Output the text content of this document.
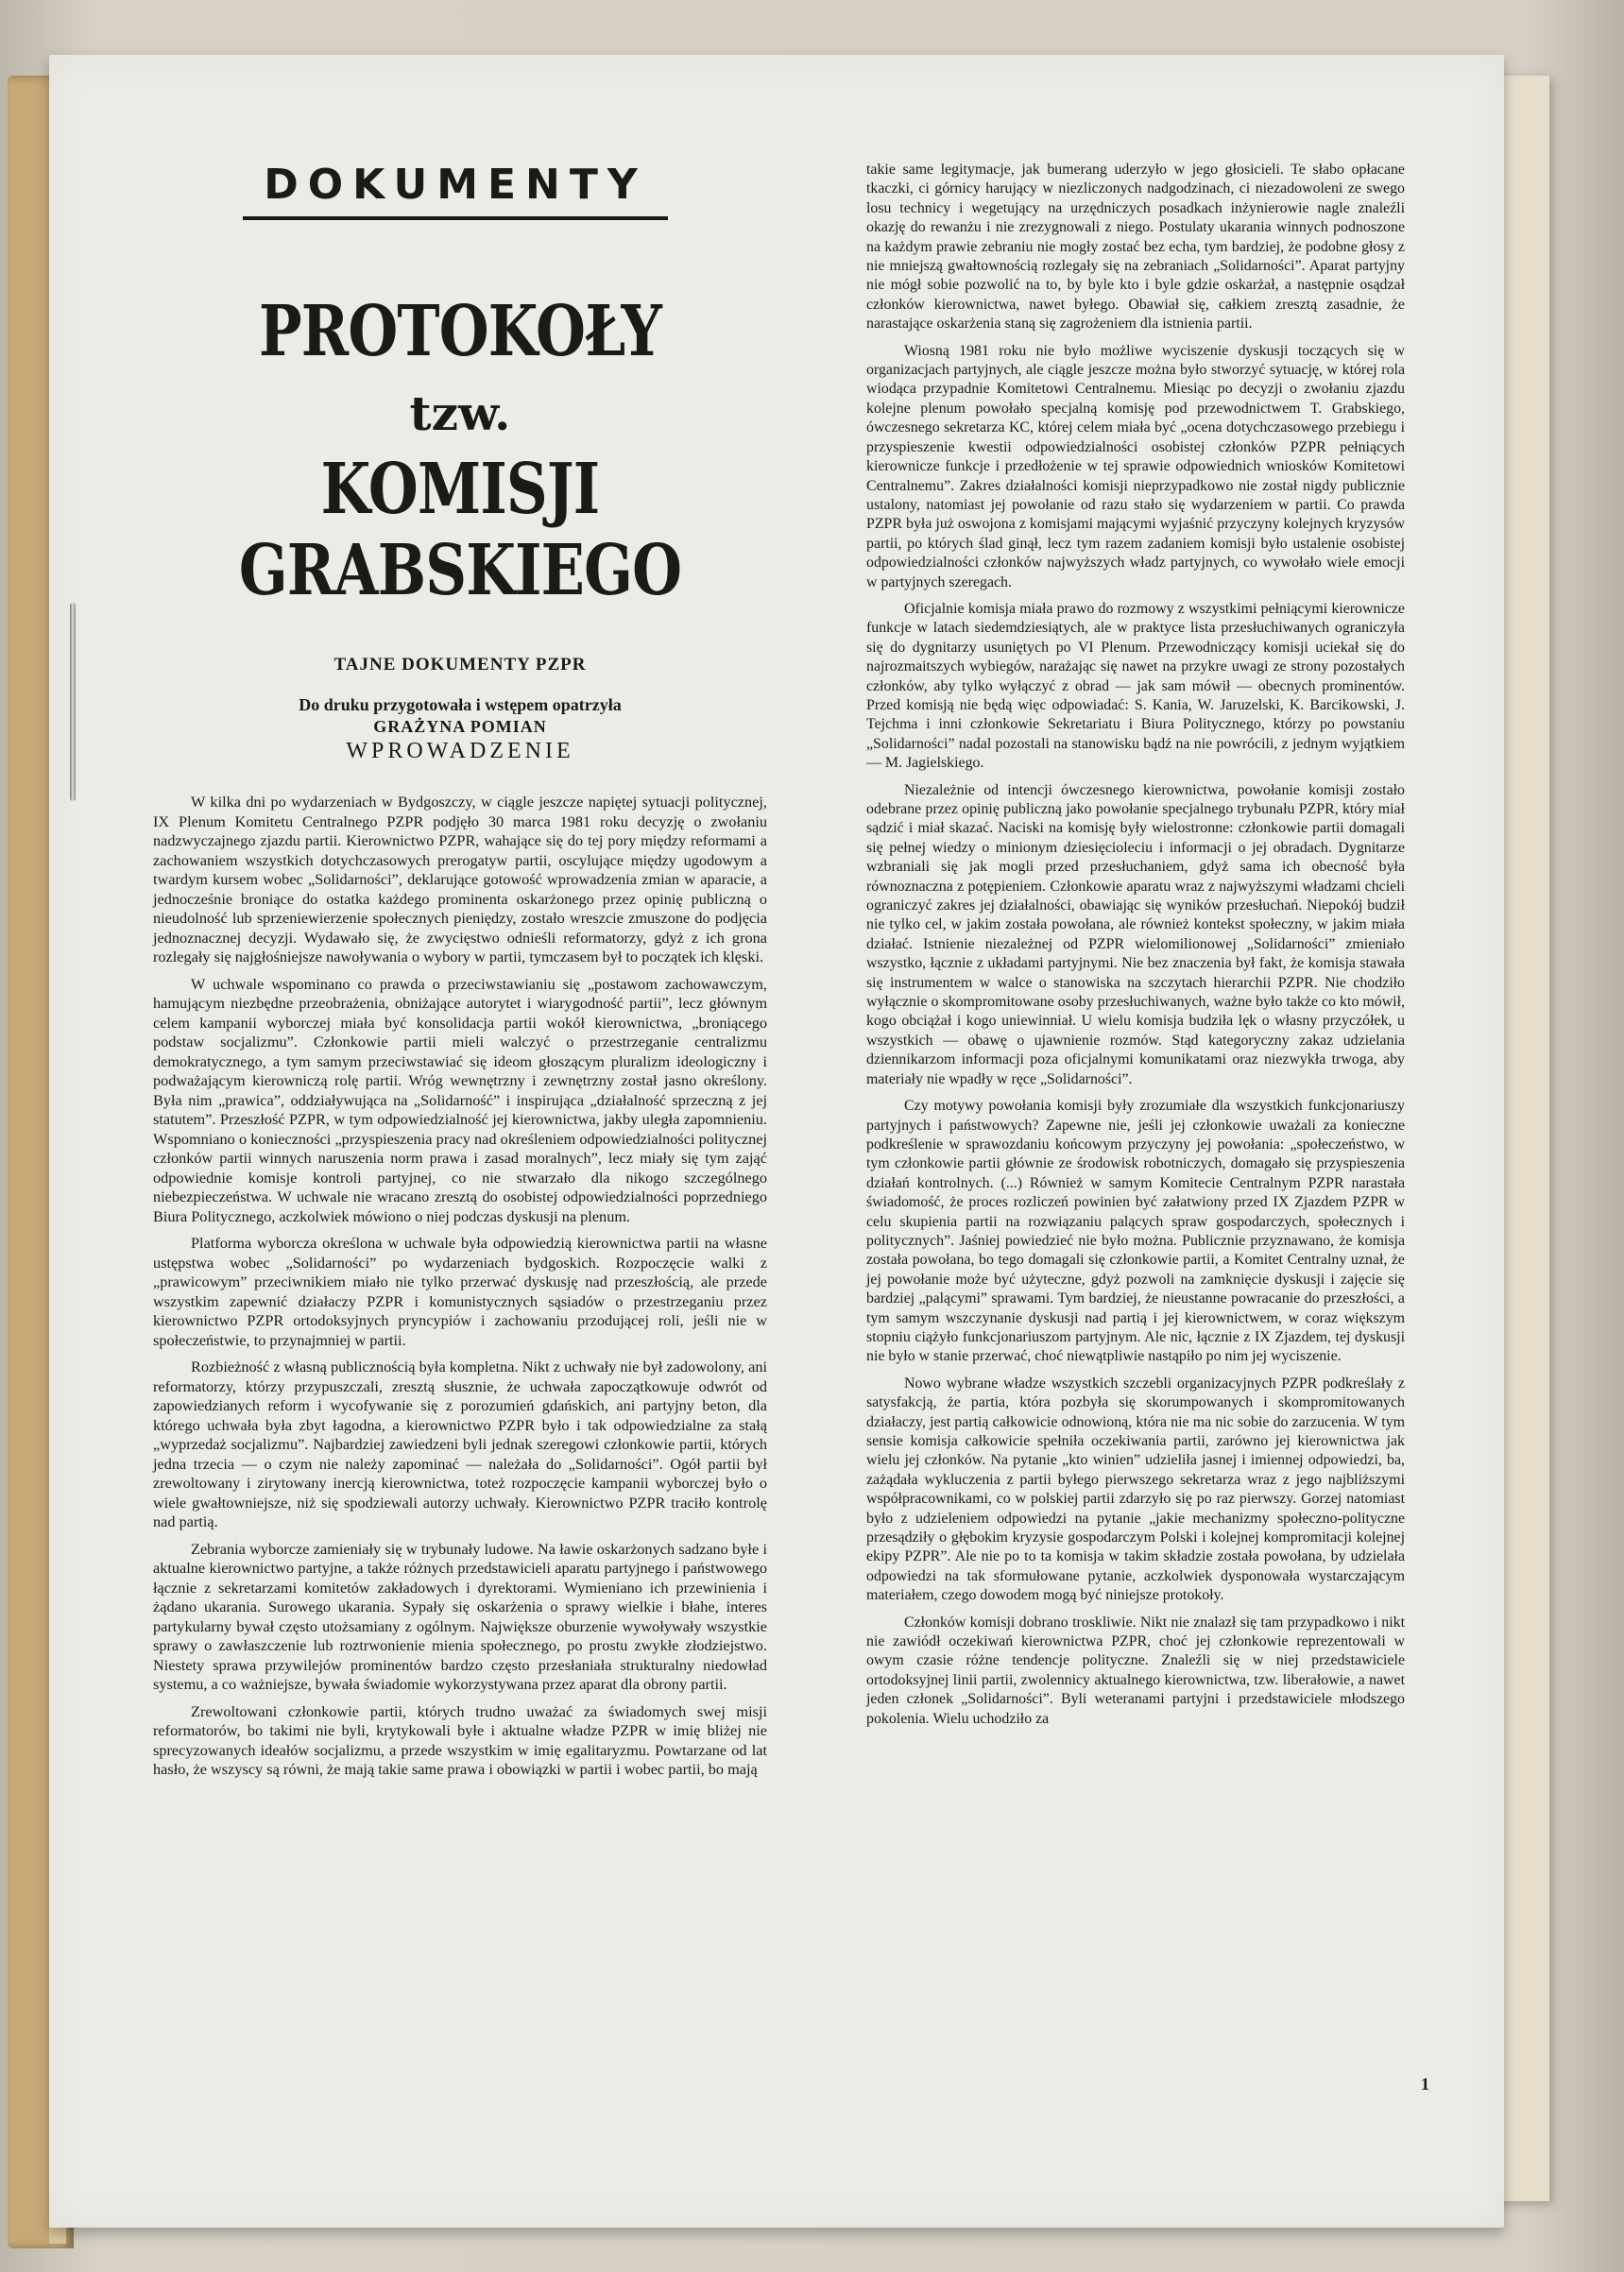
DOKUMENTY
PROTOKOŁY
tzw.
KOMISJI GRABSKIEGO
TAJNE DOKUMENTY PZPR
Do druku przygotowała i wstępem opatrzyła
GRAŻYNA POMIAN
WPROWADZENIE

W kilka dni po wydarzeniach w Bydgoszczy, w ciągle jeszcze napiętej sytuacji politycznej, IX Plenum Komitetu Centralnego PZPR podjęło 30 marca 1981 roku decyzję o zwołaniu nadzwyczajnego zjazdu partii. Kierownictwo PZPR, wahające się do tej pory między reformami a zachowaniem wszystkich dotychczasowych prerogatyw partii, oscylujące między ugodowym a twardym kursem wobec „Solidarności”, deklarujące gotowość wprowadzenia zmian w aparacie, a jednocześnie broniące do ostatka każdego prominenta oskarżonego przez opinię publiczną o nieudolność lub sprzeniewierzenie społecznych pieniędzy, zostało wreszcie zmuszone do podjęcia jednoznacznej decyzji. Wydawało się, że zwycięstwo odnieśli reformatorzy, gdyż z ich grona rozlegały się najgłośniejsze nawoływania o wybory w partii, tymczasem był to początek ich klęski.

W uchwale wspominano co prawda o przeciwstawianiu się „postawom zachowawczym, hamującym niezbędne przeobrażenia, obniżające autorytet i wiarygodność partii”, lecz głównym celem kampanii wyborczej miała być konsolidacja partii wokół kierownictwa, „broniącego podstaw socjalizmu”. Członkowie partii mieli walczyć o przestrzeganie centralizmu demokratycznego, a tym samym przeciwstawiać się ideom głoszącym pluralizm ideologiczny i podważającym kierowniczą rolę partii. Wróg wewnętrzny i zewnętrzny został jasno określony. Była nim „prawica”, oddziaływująca na „Solidarność” i inspirująca „działalność sprzeczną z jej statutem”. Przeszłość PZPR, w tym odpowiedzialność jej kierownictwa, jakby uległa zapomnieniu. Wspomniano o konieczności „przyspieszenia pracy nad określeniem odpowiedzialności politycznej członków partii winnych naruszenia norm prawa i zasad moralnych”, lecz miały się tym zająć odpowiednie komisje kontroli partyjnej, co nie stwarzało dla nikogo szczególnego niebezpieczeństwa. W uchwale nie wracano zresztą do osobistej odpowiedzialności poprzedniego Biura Politycznego, aczkolwiek mówiono o niej podczas dyskusji na plenum.

Platforma wyborcza określona w uchwale była odpowiedzią kierownictwa partii na własne ustępstwa wobec „Solidarności” po wydarzeniach bydgoskich. Rozpoczęcie walki z „prawicowym” przeciwnikiem miało nie tylko przerwać dyskusję nad przeszłością, ale przede wszystkim zapewnić działaczy PZPR i komunistycznych sąsiadów o przestrzeganiu przez kierownictwo PZPR ortodoksyjnych pryncypiów i zachowaniu przodującej roli, jeśli nie w społeczeństwie, to przynajmniej w partii.

Rozbieżność z własną publicznością była kompletna. Nikt z uchwały nie był zadowolony, ani reformatorzy, którzy przypuszczali, zresztą słusznie, że uchwała zapoczątkowuje odwrót od zapowiedzianych reform i wycofywanie się z porozumień gdańskich, ani partyjny beton, dla którego uchwała była zbyt łagodna, a kierownictwo PZPR było i tak odpowiedzialne za stałą „wyprzedaż socjalizmu”. Najbardziej zawiedzeni byli jednak szeregowi członkowie partii, których jedna trzecia — o czym nie należy zapominać — należała do „Solidarności”. Ogół partii był zrewoltowany i zirytowany inercją kierownictwa, toteż rozpoczęcie kampanii wyborczej było o wiele gwałtowniejsze, niż się spodziewali autorzy uchwały. Kierownictwo PZPR traciło kontrolę nad partią.

Zebrania wyborcze zamieniały się w trybunały ludowe. Na ławie oskarżonych sadzano byłe i aktualne kierownictwo partyjne, a także różnych przedstawicieli aparatu partyjnego i państwowego łącznie z sekretarzami komitetów zakładowych i dyrektorami. Wymieniano ich przewinienia i żądano ukarania. Surowego ukarania. Sypały się oskarżenia o sprawy wielkie i błahe, interes partykularny bywał często utożsamiany z ogólnym. Największe oburzenie wywoływały wszystkie sprawy o zawłaszczenie lub roztrwonienie mienia społecznego, po prostu zwykłe złodziejstwo. Niestety sprawa przywilejów prominentów bardzo często przesłaniała strukturalny niedowład systemu, a co ważniejsze, bywała świadomie wykorzystywana przez aparat dla obrony partii.

Zrewoltowani członkowie partii, których trudno uważać za świadomych swej misji reformatorów, bo takimi nie byli, krytykowali byłe i aktualne władze PZPR w imię bliżej nie sprecyzowanych ideałów socjalizmu, a przede wszystkim w imię egalitaryzmu. Powtarzane od lat hasło, że wszyscy są równi, że mają takie same prawa i obowiązki w partii i wobec partii, bo mają

takie same legitymacje, jak bumerang uderzyło w jego głosicieli. Te słabo opłacane tkaczki, ci górnicy harujący w niezliczonych nadgodzinach, ci niezadowoleni ze swego losu technicy i wegetujący na urzędniczych posadkach inżynierowie nagle znaleźli okazję do rewanżu i nie zrezygnowali z niego. Postulaty ukarania winnych podnoszone na każdym prawie zebraniu nie mogły zostać bez echa, tym bardziej, że podobne głosy z nie mniejszą gwałtownością rozlegały się na zebraniach „Solidarności”. Aparat partyjny nie mógł sobie pozwolić na to, by byle kto i byle gdzie oskarżał, a następnie osądzał członków kierownictwa, nawet byłego. Obawiał się, całkiem zresztą zasadnie, że narastające oskarżenia staną się zagrożeniem dla istnienia partii.

Wiosną 1981 roku nie było możliwe wyciszenie dyskusji toczących się w organizacjach partyjnych, ale ciągle jeszcze można było stworzyć sytuację, w której rola wiodąca przypadnie Komitetowi Centralnemu. Miesiąc po decyzji o zwołaniu zjazdu kolejne plenum powołało specjalną komisję pod przewodnictwem T. Grabskiego, ówczesnego sekretarza KC, której celem miała być „ocena dotychczasowego przebiegu i przyspieszenie kwestii odpowiedzialności osobistej członków PZPR pełniących kierownicze funkcje i przedłożenie w tej sprawie odpowiednich wniosków Komitetowi Centralnemu”. Zakres działalności komisji nieprzypadkowo nie został nigdy publicznie ustalony, natomiast jej powołanie od razu stało się wydarzeniem w partii. Co prawda PZPR była już oswojona z komisjami mającymi wyjaśnić przyczyny kolejnych kryzysów partii, po których ślad ginął, lecz tym razem zadaniem komisji było ustalenie osobistej odpowiedzialności członków najwyższych władz partyjnych, co wywołało wiele emocji w partyjnych szeregach.

Oficjalnie komisja miała prawo do rozmowy z wszystkimi pełniącymi kierownicze funkcje w latach siedemdziesiątych, ale w praktyce lista przesłuchiwanych ograniczyła się do dygnitarzy usuniętych po VI Plenum. Przewodniczący komisji uciekał się do najrozmaitszych wybiegów, narażając się nawet na przykre uwagi ze strony pozostałych członków, aby tylko wyłączyć z obrad — jak sam mówił — obecnych prominentów. Przed komisją nie będą więc odpowiadać: S. Kania, W. Jaruzelski, K. Barcikowski, J. Tejchma i inni członkowie Sekretariatu i Biura Politycznego, którzy po powstaniu „Solidarności” nadal pozostali na stanowisku bądź na nie powrócili, z jednym wyjątkiem — M. Jagielskiego.

Niezależnie od intencji ówczesnego kierownictwa, powołanie komisji zostało odebrane przez opinię publiczną jako powołanie specjalnego trybunału PZPR, który miał sądzić i miał skazać. Naciski na komisję były wielostronne: członkowie partii domagali się pełnej wiedzy o minionym dziesięcioleciu i informacji o jej obradach. Dygnitarze wzbraniali się jak mogli przed przesłuchaniem, gdyż sama ich obecność była równoznaczna z potępieniem. Członkowie aparatu wraz z najwyższymi władzami chcieli ograniczyć zakres jej działalności, obawiając się wyników przesłuchań. Niepokój budził nie tylko cel, w jakim została powołana, ale również kontekst społeczny, w jakim miała działać. Istnienie niezależnej od PZPR wielomilionowej „Solidarności” zmieniało wszystko, łącznie z układami partyjnymi. Nie bez znaczenia był fakt, że komisja stawała się instrumentem w walce o stanowiska na szczytach hierarchii PZPR. Nie chodziło wyłącznie o skompromitowane osoby przesłuchiwanych, ważne było także co kto mówił, kogo obciążał i kogo uniewinniał. U wielu komisja budziła lęk o własny przyczółek, u wszystkich — obawę o ujawnienie rozmów. Stąd kategoryczny zakaz udzielania dziennikarzom informacji poza oficjalnymi komunikatami oraz niezwykła trwoga, aby materiały nie wpadły w ręce „Solidarności”.

Czy motywy powołania komisji były zrozumiałe dla wszystkich funkcjonariuszy partyjnych i państwowych? Zapewne nie, jeśli jej członkowie uważali za konieczne podkreślenie w sprawozdaniu końcowym przyczyny jej powołania: „społeczeństwo, w tym członkowie partii głównie ze środowisk robotniczych, domagało się przyspieszenia działań kontrolnych. (...) Również w samym Komitecie Centralnym PZPR narastała świadomość, że proces rozliczeń powinien być załatwiony przed IX Zjazdem PZPR w celu skupienia partii na rozwiązaniu palących spraw gospodarczych, społecznych i politycznych”. Jaśniej powiedzieć nie było można. Publicznie przyznawano, że komisja została powołana, bo tego domagali się członkowie partii, a Komitet Centralny uznał, że jej powołanie może być użyteczne, gdyż pozwoli na zamknięcie dyskusji i zajęcie się bardziej „palącymi” sprawami. Tym bardziej, że nieustanne powracanie do przeszłości, a tym samym wszczynanie dyskusji nad partią i jej kierownictwem, w coraz większym stopniu ciążyło funkcjonariuszom partyjnym. Ale nic, łącznie z IX Zjazdem, tej dyskusji nie było w stanie przerwać, choć niewątpliwie nastąpiło po nim jej wyciszenie.

Nowo wybrane władze wszystkich szczebli organizacyjnych PZPR podkreślały z satysfakcją, że partia, która pozbyła się skorumpowanych i skompromitowanych działaczy, jest partią całkowicie odnowioną, która nie ma nic sobie do zarzucenia. W tym sensie komisja całkowicie spełniła oczekiwania partii, zarówno jej kierownictwa jak wielu jej członków. Na pytanie „kto winien” udzieliła jasnej i imiennej odpowiedzi, ba, zażądała wykluczenia z partii byłego pierwszego sekretarza wraz z jego najbliższymi współpracownikami, co w polskiej partii zdarzyło się po raz pierwszy. Gorzej natomiast było z udzieleniem odpowiedzi na pytanie „jakie mechanizmy społeczno-polityczne przesądziły o głębokim kryzysie gospodarczym Polski i kolejnej kompromitacji kolejnej ekipy PZPR”. Ale nie po to ta komisja w takim składzie została powołana, by udzielała odpowiedzi na tak sformułowane pytanie, aczkolwiek dysponowała wystarczającym materiałem, czego dowodem mogą być niniejsze protokoły.

Członków komisji dobrano troskliwie. Nikt nie znalazł się tam przypadkowo i nikt nie zawiódł oczekiwań kierownictwa PZPR, choć jej członkowie reprezentowali w owym czasie różne tendencje polityczne. Znaleźli się w niej przedstawiciele ortodoksyjnej linii partii, zwolennicy aktualnego kierownictwa, tzw. liberałowie, a nawet jeden członek „Solidarności”. Byli weteranami partyjni i przedstawiciele młodszego pokolenia. Wielu uchodziło za

1
